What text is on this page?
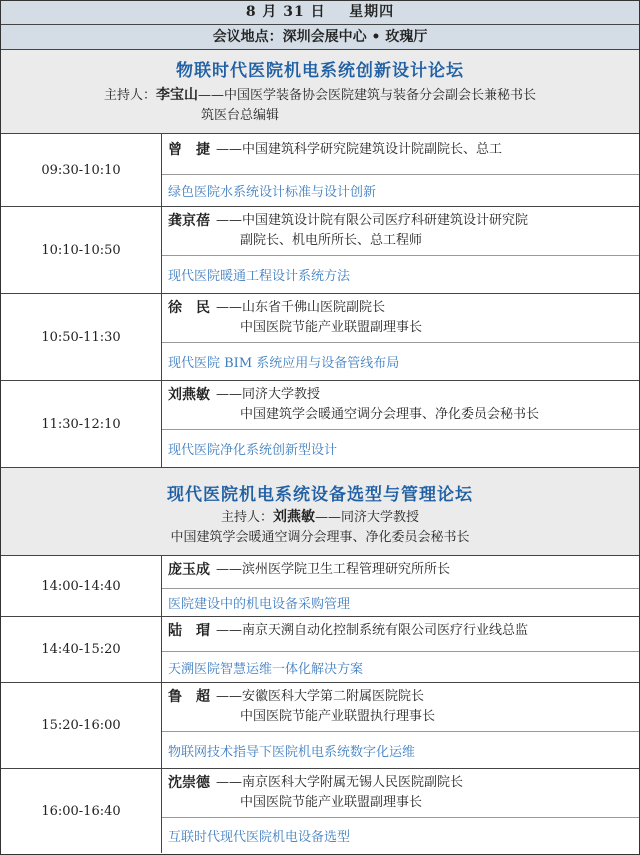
8 月 31 日 星期四
会议地点：深圳会展中心 • 玫瑰厅
物联时代医院机电系统创新设计论坛
主持人：李宝山——中国医学装备协会医院建筑与装备分会副会长兼秘书长
筑医台总编辑
09:30-10:10
曾　捷 ——中国建筑科学研究院建筑设计院副院长、总工
绿色医院水系统设计标准与设计创新
10:10-10:50
龚京蓓 ——中国建筑设计院有限公司医疗科研建筑设计研究院
副院长、机电所所长、总工程师
现代医院暖通工程设计系统方法
10:50-11:30
徐　民 ——山东省千佛山医院副院长
中国医院节能产业联盟副理事长
现代医院 BIM 系统应用与设备管线布局
11:30-12:10
刘燕敏 ——同济大学教授
中国建筑学会暖通空调分会理事、净化委员会秘书长
现代医院净化系统创新型设计
现代医院机电系统设备选型与管理论坛
主持人：刘燕敏——同济大学教授
中国建筑学会暖通空调分会理事、净化委员会秘书长
14:00-14:40
庞玉成 ——滨州医学院卫生工程管理研究所所长
医院建设中的机电设备采购管理
14:40-15:20
陆　瑁 ——南京天溯自动化控制系统有限公司医疗行业线总监
天溯医院智慧运维一体化解决方案
15:20-16:00
鲁　超 ——安徽医科大学第二附属医院院长
中国医院节能产业联盟执行理事长
物联网技术指导下医院机电系统数字化运维
16:00-16:40
沈崇德 ——南京医科大学附属无锡人民医院副院长
中国医院节能产业联盟副理事长
互联时代现代医院机电设备选型
